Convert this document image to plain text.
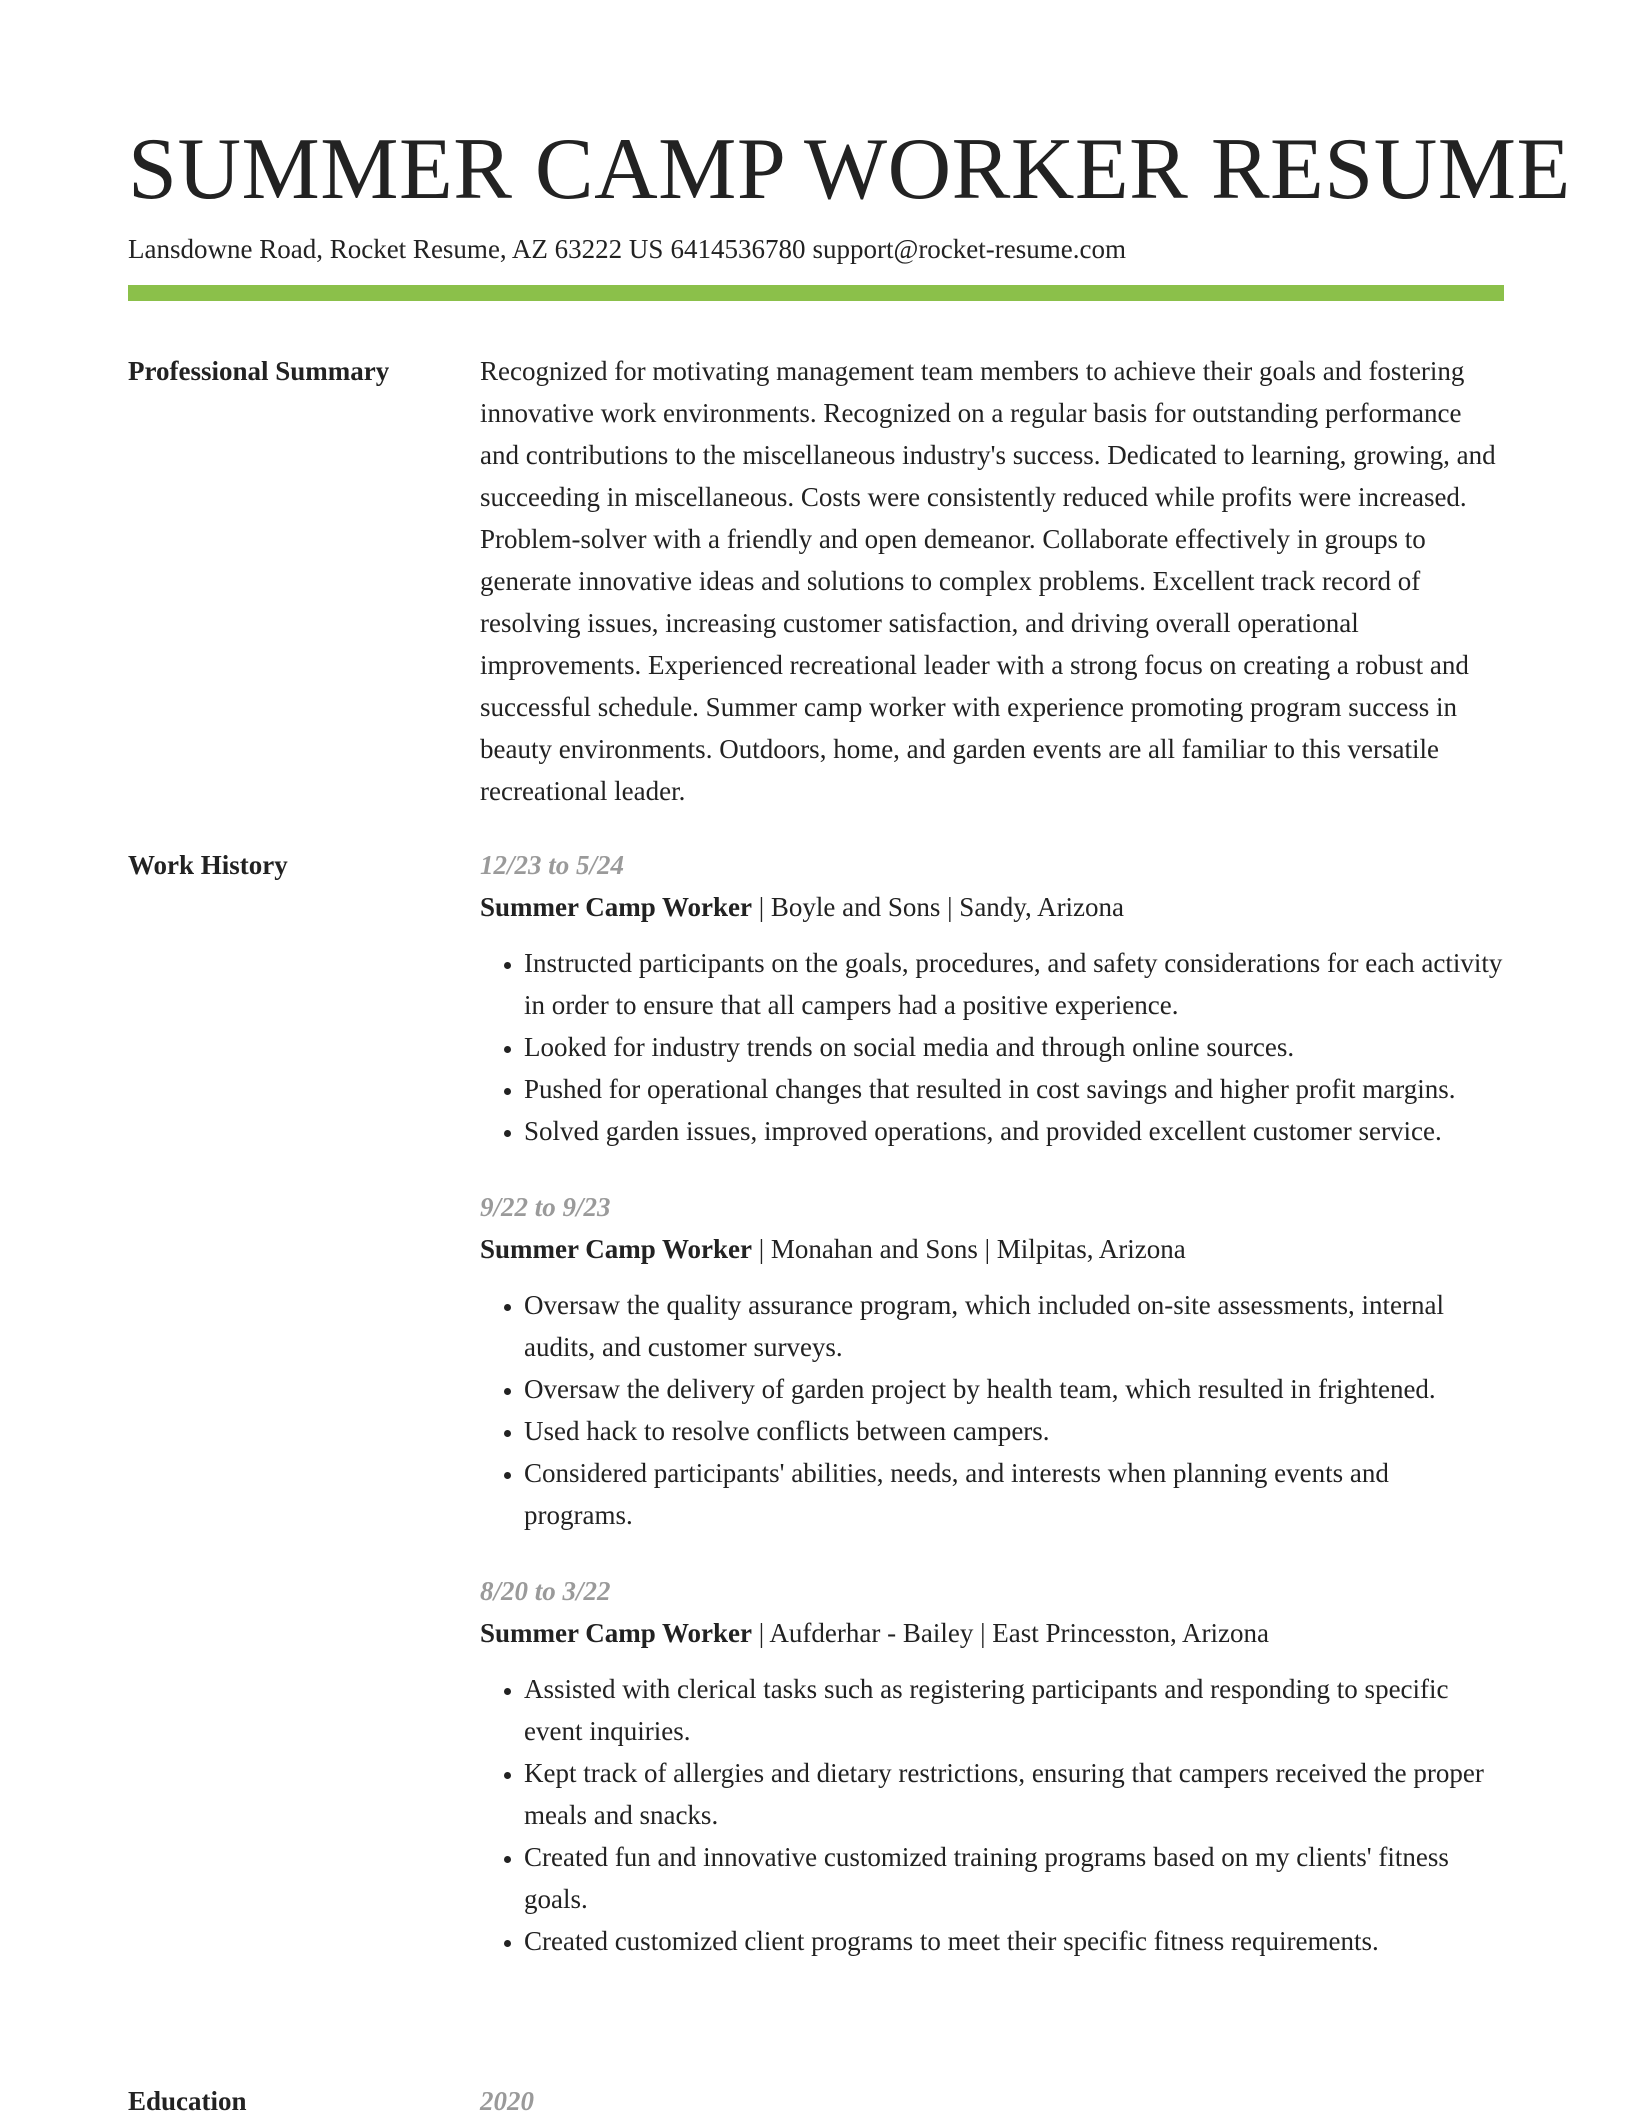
SUMMER CAMP WORKER RESUME
Lansdowne Road, Rocket Resume, AZ 63222 US 6414536780 support@rocket-resume.com
Professional Summary	Recognized for motivating management team members to achieve their goals and fostering innovative work environments. Recognized on a regular basis for outstanding performance and contributions to the miscellaneous industry's success. Dedicated to learning, growing, and succeeding in miscellaneous. Costs were consistently reduced while profits were increased. Problem-solver with a friendly and open demeanor. Collaborate effectively in groups to generate innovative ideas and solutions to complex problems. Excellent track record of resolving issues, increasing customer satisfaction, and driving overall operational improvements. Experienced recreational leader with a strong focus on creating a robust and successful schedule. Summer camp worker with experience promoting program success in beauty environments. Outdoors, home, and garden events are all familiar to this versatile recreational leader.

Work History	12/23 to 5/24
Summer Camp Worker | Boyle and Sons | Sandy, Arizona
• Instructed participants on the goals, procedures, and safety considerations for each activity in order to ensure that all campers had a positive experience.
• Looked for industry trends on social media and through online sources.
• Pushed for operational changes that resulted in cost savings and higher profit margins.
• Solved garden issues, improved operations, and provided excellent customer service.
9/22 to 9/23
Summer Camp Worker | Monahan and Sons | Milpitas, Arizona
• Oversaw the quality assurance program, which included on-site assessments, internal audits, and customer surveys.
• Oversaw the delivery of garden project by health team, which resulted in frightened.
• Used hack to resolve conflicts between campers.
• Considered participants' abilities, needs, and interests when planning events and programs.
8/20 to 3/22
Summer Camp Worker | Aufderhar - Bailey | East Princesston, Arizona
• Assisted with clerical tasks such as registering participants and responding to specific event inquiries.
• Kept track of allergies and dietary restrictions, ensuring that campers received the proper meals and snacks.
• Created fun and innovative customized training programs based on my clients' fitness goals.
• Created customized client programs to meet their specific fitness requirements.
Education	2020
